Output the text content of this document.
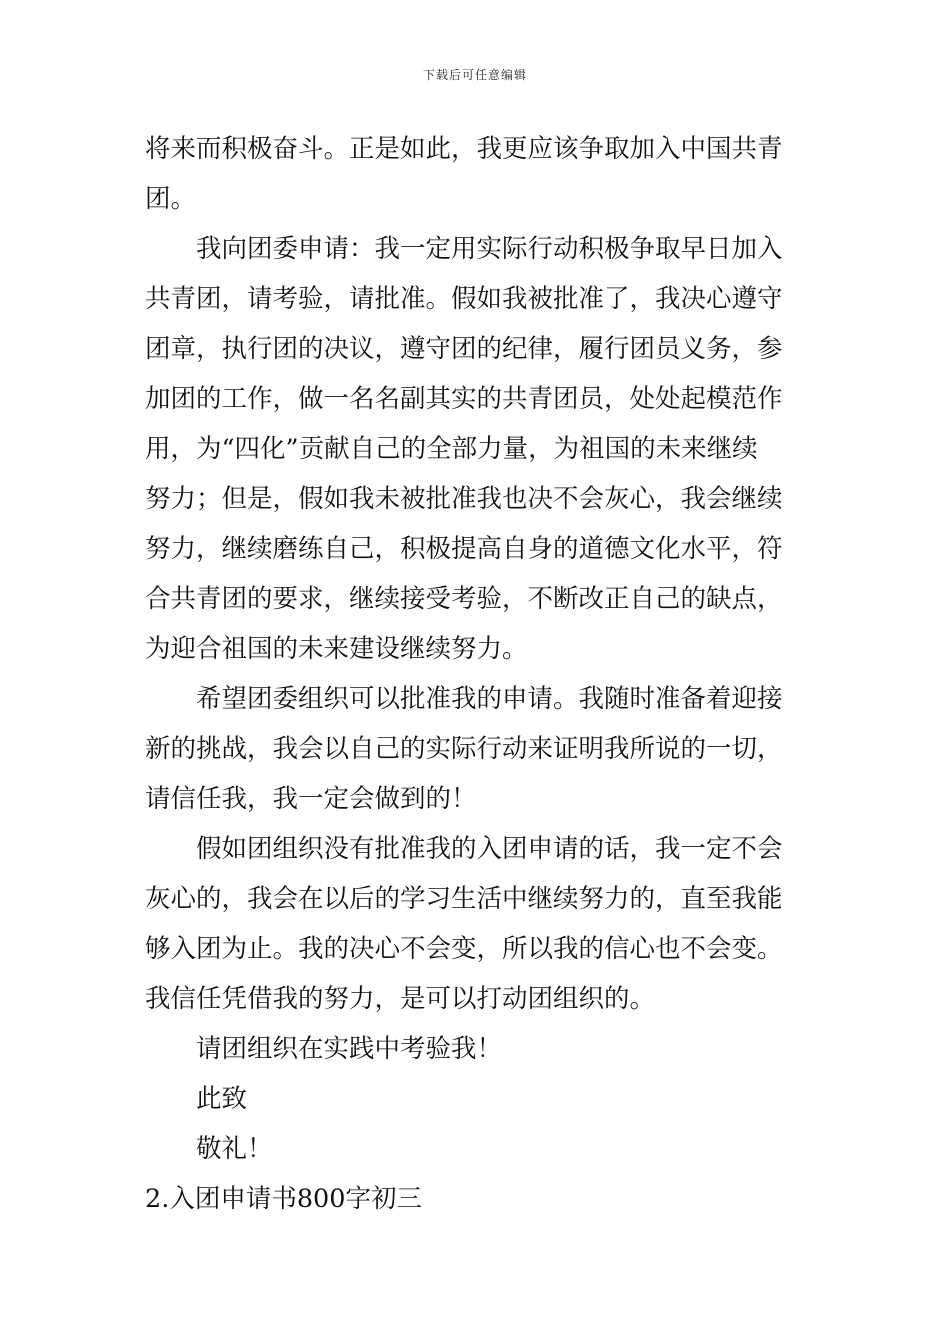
下载后可任意编辑

将来而积极奋斗。正是如此，我更应该争取加入中国共青
团。

我向团委申请：我一定用实际行动积极争取早日加入
共青团，请考验，请批准。假如我被批准了，我决心遵守
团章，执行团的决议，遵守团的纪律，履行团员义务，参
加团的工作，做一名名副其实的共青团员，处处起模范作
用，为“四化”贡献自己的全部力量，为祖国的未来继续
努力；但是，假如我未被批准我也决不会灰心，我会继续
努力，继续磨练自己，积极提高自身的道德文化水平，符
合共青团的要求，继续接受考验，不断改正自己的缺点，
为迎合祖国的未来建设继续努力。

希望团委组织可以批准我的申请。我随时准备着迎接
新的挑战，我会以自己的实际行动来证明我所说的一切，
请信任我，我一定会做到的！

假如团组织没有批准我的入团申请的话，我一定不会
灰心的，我会在以后的学习生活中继续努力的，直至我能
够入团为止。我的决心不会变，所以我的信心也不会变。
我信任凭借我的努力，是可以打动团组织的。

请团组织在实践中考验我！

此致

敬礼！

2.入团申请书800字初三
